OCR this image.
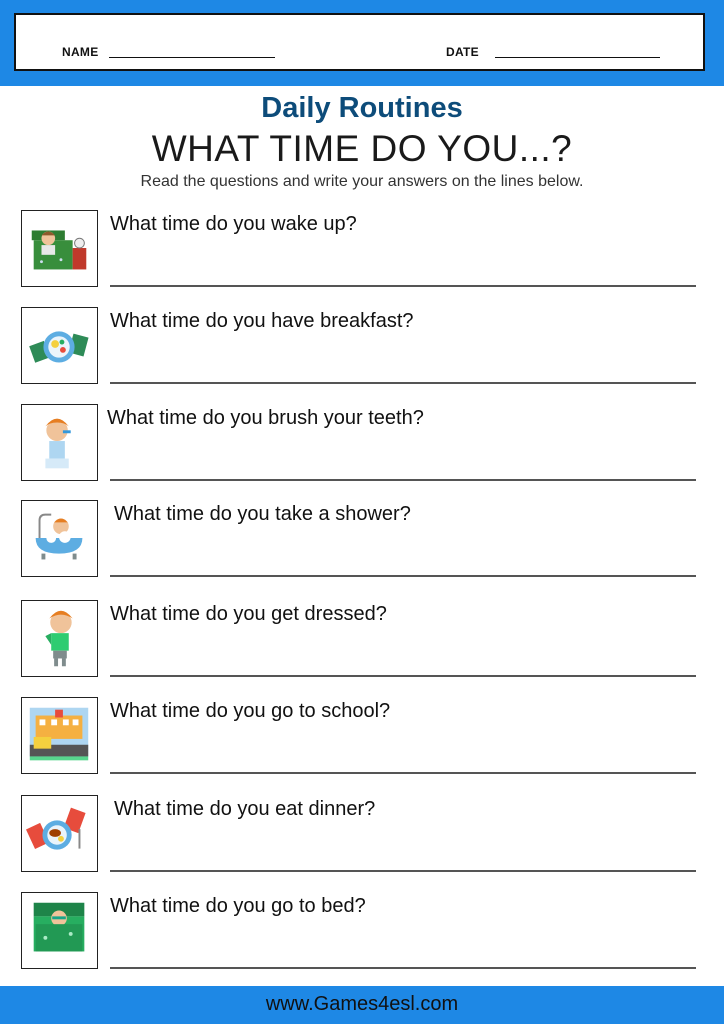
NAME	DATE
Daily Routines
WHAT TIME DO YOU...?
Read the questions and write your answers on the lines below.
What time do you wake up?
What time do you have breakfast?
What time do you brush your teeth?
What time do you take a shower?
What time do you get dressed?
What time do you go to school?
What time do you eat dinner?
What time do you go to bed?
www.Games4esl.com
